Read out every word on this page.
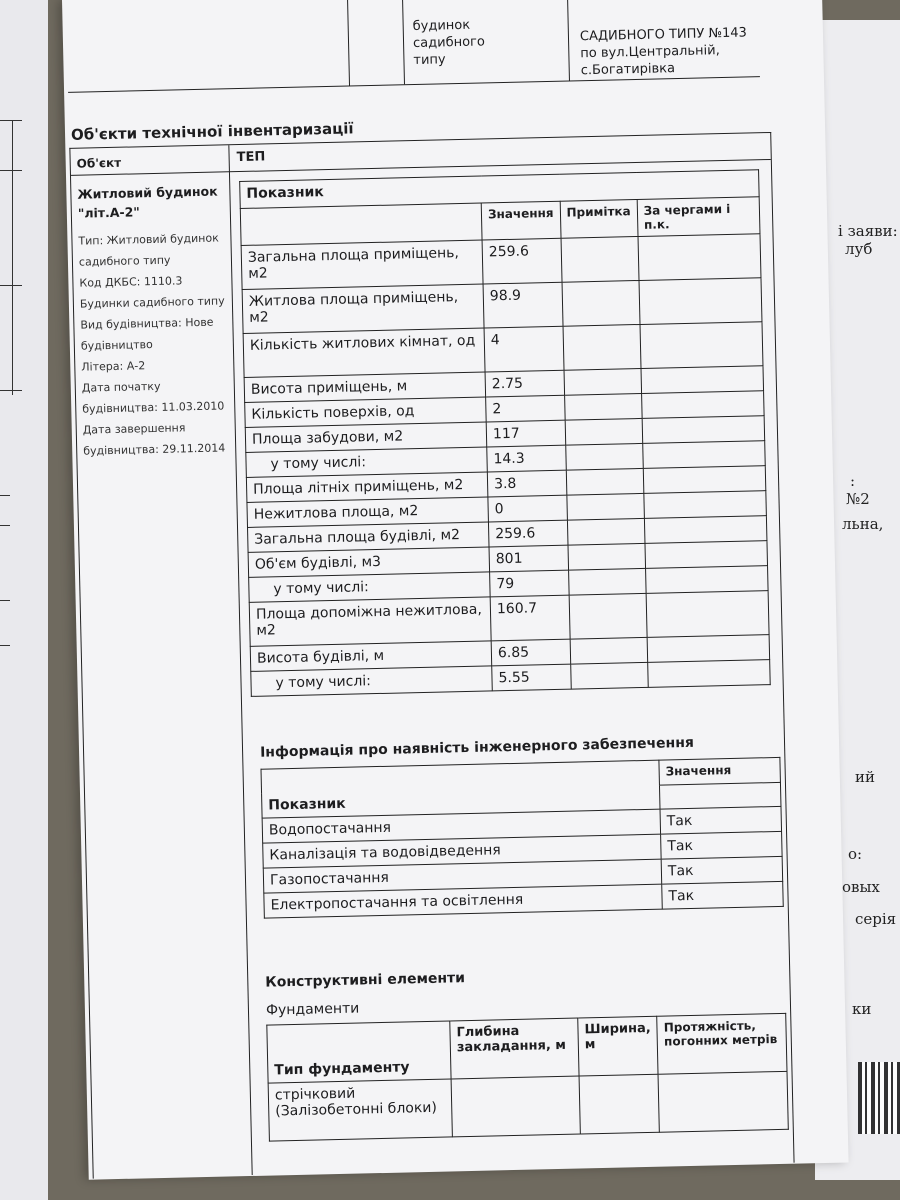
і заяви:
луб
:
№2
льна,
ий
о:
овых
серія
ки
будинок садибного типу
САДИБНОГО ТИПУ №143
по вул.Центральній,
с.Богатирівка
Об'єкти технічної інвентаризації
Об'єкт	ТЕП
Житловий будинок "літ.А-2"
Тип: Житловий будинок садибного типу
Код ДКБС: 1110.3 Будинки садибного типу
Вид будівництва: Нове будівництво
Літера: А-2
Дата початку будівництва: 11.03.2010
Дата завершення будівництва: 29.11.2014
Показник			
	Значення	Примітка	За чергами і п.к.
Загальна площа приміщень, м2	259.6		
Житлова площа приміщень, м2	98.9		
Кількість житлових кімнат, од	4		
Висота приміщень, м	2.75		
Кількість поверхів, од	2		
Площа забудови, м2	117		
у тому числі:	14.3		
Площа літніх приміщень, м2	3.8		
Нежитлова площа, м2	0		
Загальна площа будівлі, м2	259.6		
Об'єм будівлі, м3	801		
у тому числі:	79		
Площа допоміжна нежитлова, м2	160.7		
Висота будівлі, м	6.85		
у тому числі:	5.55		
Інформація про наявність інженерного забезпечення
	Значення
Показник	
Водопостачання	Так
Каналізація та водовідведення	Так
Газопостачання	Так
Електропостачання та освітлення	Так
Конструктивні елементи
Фундаменти
Тип фундаменту	Глибина закладання, м	Ширина, м	Протяжність, погонних метрів
стрічковий (Залізобетонні блоки)			
